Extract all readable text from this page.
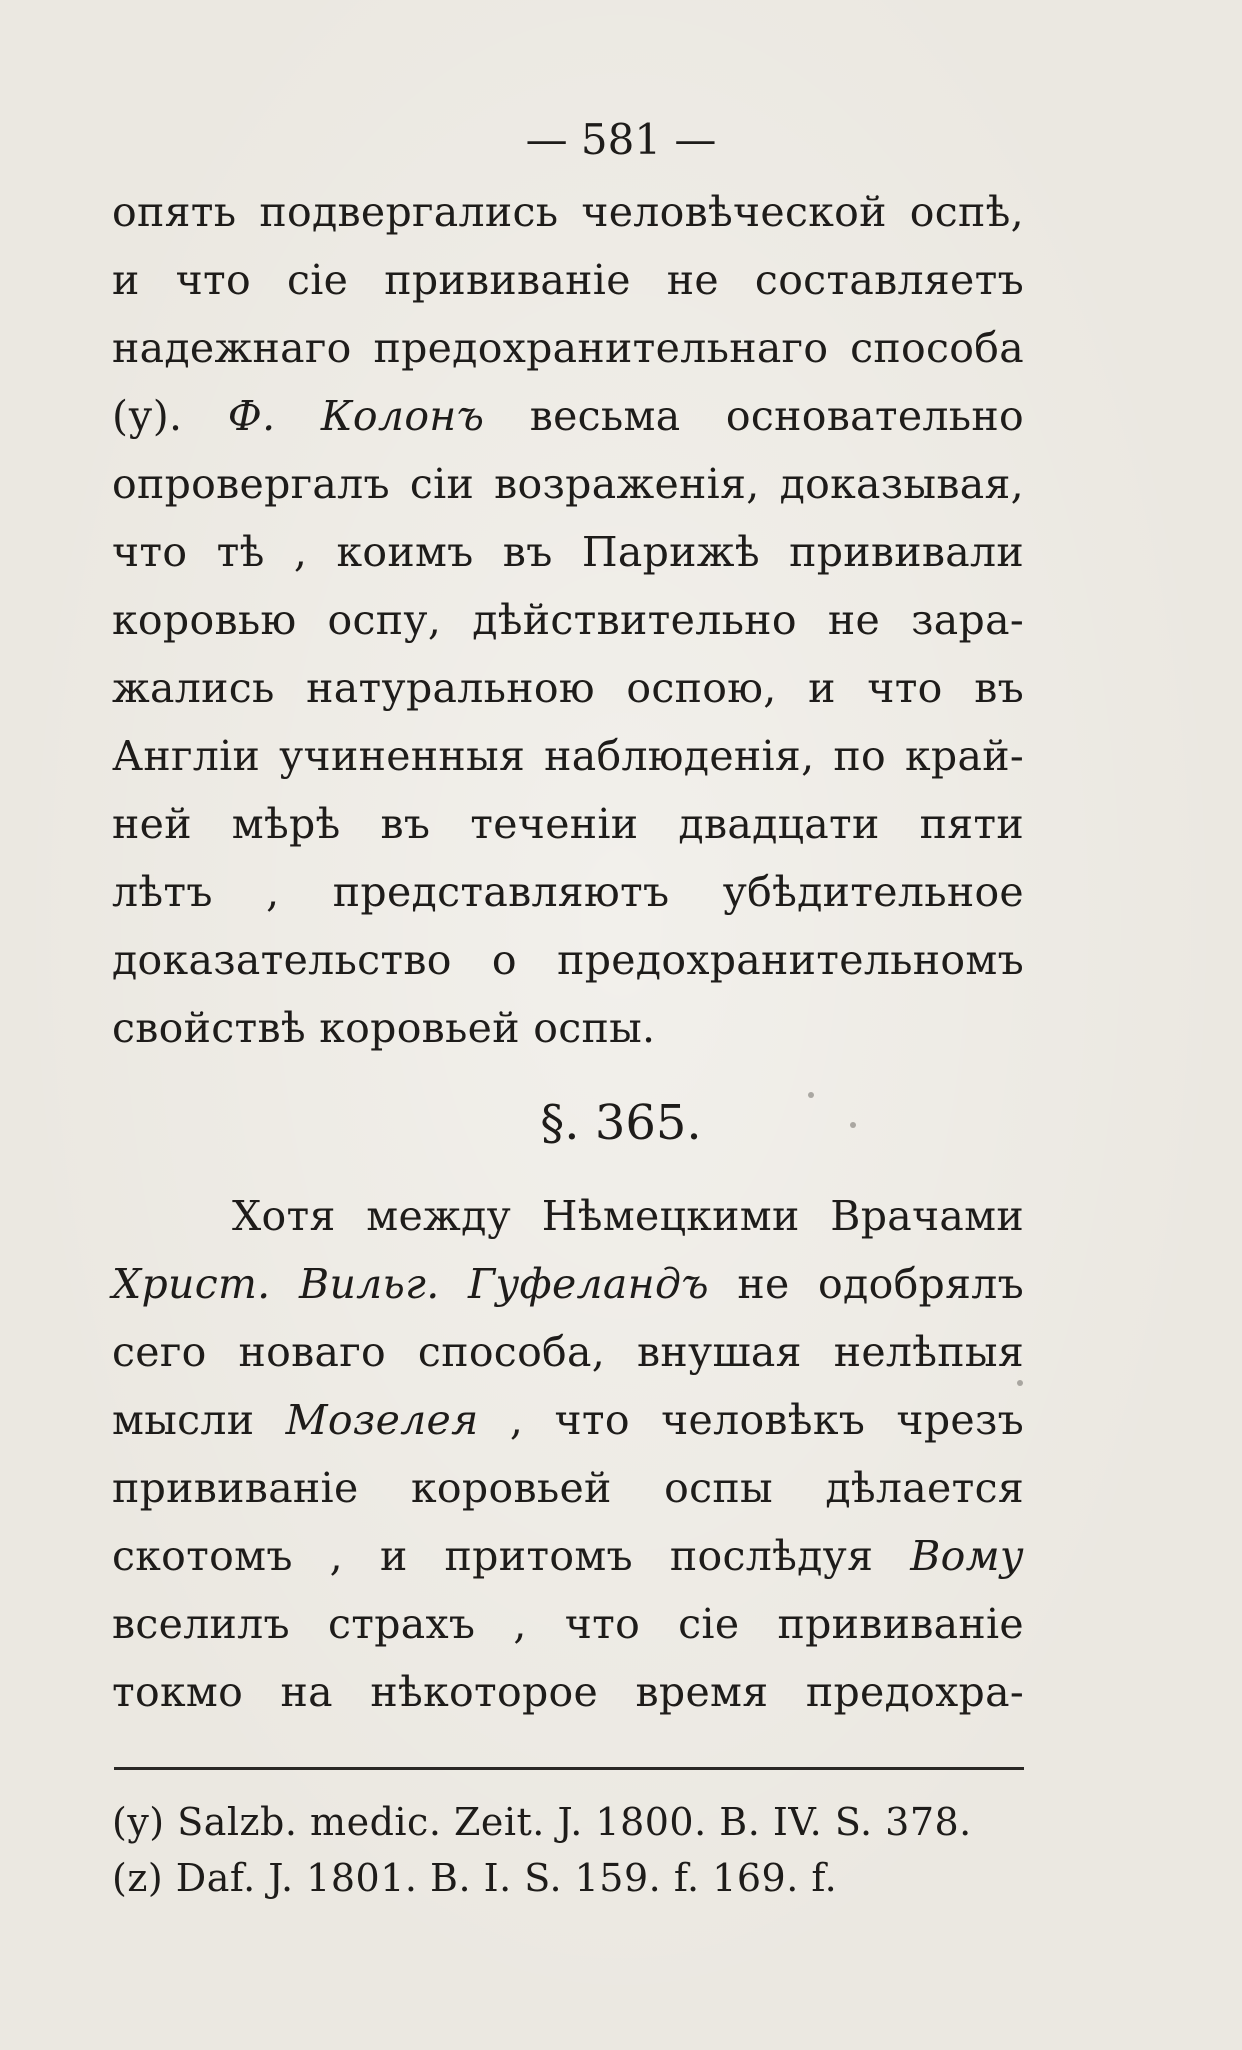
— 581 —
опять подвергались человѣческой оспѣ,
и что сіе прививаніе не составляетъ
надежнаго предохранительнаго способа
(у). Ф. Колонъ весьма основательно
опровергалъ сіи возраженія, доказывая,
что тѣ , коимъ въ Парижѣ прививали
коровью оспу, дѣйствительно не зара-
жались натуральною оспою, и что въ
Англіи учиненныя наблюденія, по край-
ней мѣрѣ въ теченіи двадцати пяти
лѣтъ , представляютъ убѣдительное
доказательство о предохранительномъ
свойствѣ коровьей оспы.
§. 365.
Хотя между Нѣмецкими Врачами
Христ. Вильг. Гуфеландъ не одобрялъ
сего новаго способа, внушая нелѣпыя
мысли Мозелея , что человѣкъ чрезъ
прививаніе коровьей оспы дѣлается
скотомъ , и притомъ послѣдуя Вому
вселилъ страхъ , что сіе прививаніе
токмо на нѣкоторое время предохра-
(y) Salzb. medic. Zeit. J. 1800. B. IV. S. 378.
(z) Daf. J. 1801. B. I. S. 159. f. 169. f.
